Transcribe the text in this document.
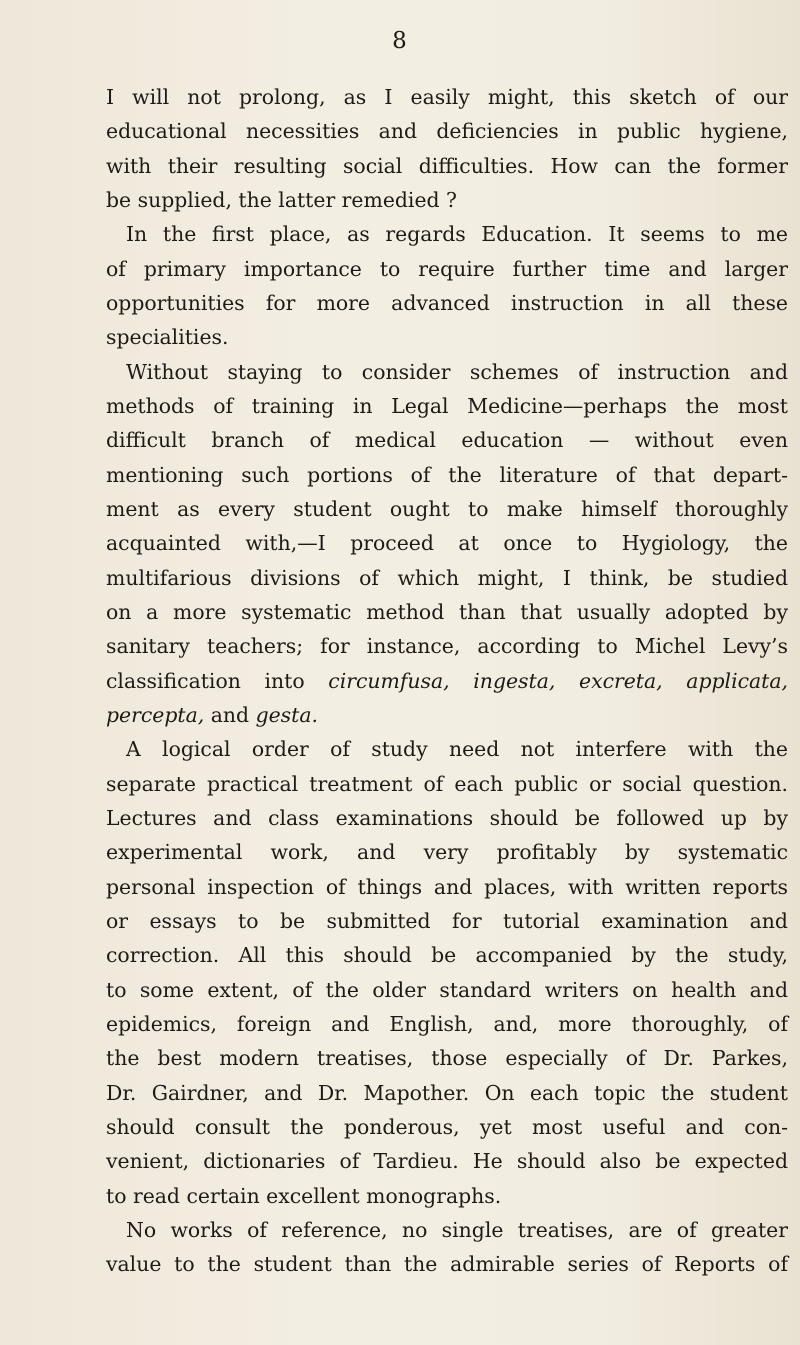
8
I will not prolong, as I easily might, this sketch of our
educational necessities and deficiencies in public hygiene,
with their resulting social difficulties. How can the former
be supplied, the latter remedied ?
In the first place, as regards Education. It seems to me
of primary importance to require further time and larger
opportunities for more advanced instruction in all these
specialities.
Without staying to consider schemes of instruction and
methods of training in Legal Medicine—perhaps the most
difficult branch of medical education — without even
mentioning such portions of the literature of that depart-
ment as every student ought to make himself thoroughly
acquainted with,—I proceed at once to Hygiology, the
multifarious divisions of which might, I think, be studied
on a more systematic method than that usually adopted by
sanitary teachers; for instance, according to Michel Levy’s
classification into circumfusa, ingesta, excreta, applicata,
percepta, and gesta.
A logical order of study need not interfere with the
separate practical treatment of each public or social question.
Lectures and class examinations should be followed up by
experimental work, and very profitably by systematic
personal inspection of things and places, with written reports
or essays to be submitted for tutorial examination and
correction. All this should be accompanied by the study,
to some extent, of the older standard writers on health and
epidemics, foreign and English, and, more thoroughly, of
the best modern treatises, those especially of Dr. Parkes,
Dr. Gairdner, and Dr. Mapother. On each topic the student
should consult the ponderous, yet most useful and con-
venient, dictionaries of Tardieu. He should also be expected
to read certain excellent monographs.
No works of reference, no single treatises, are of greater
value to the student than the admirable series of Reports of
